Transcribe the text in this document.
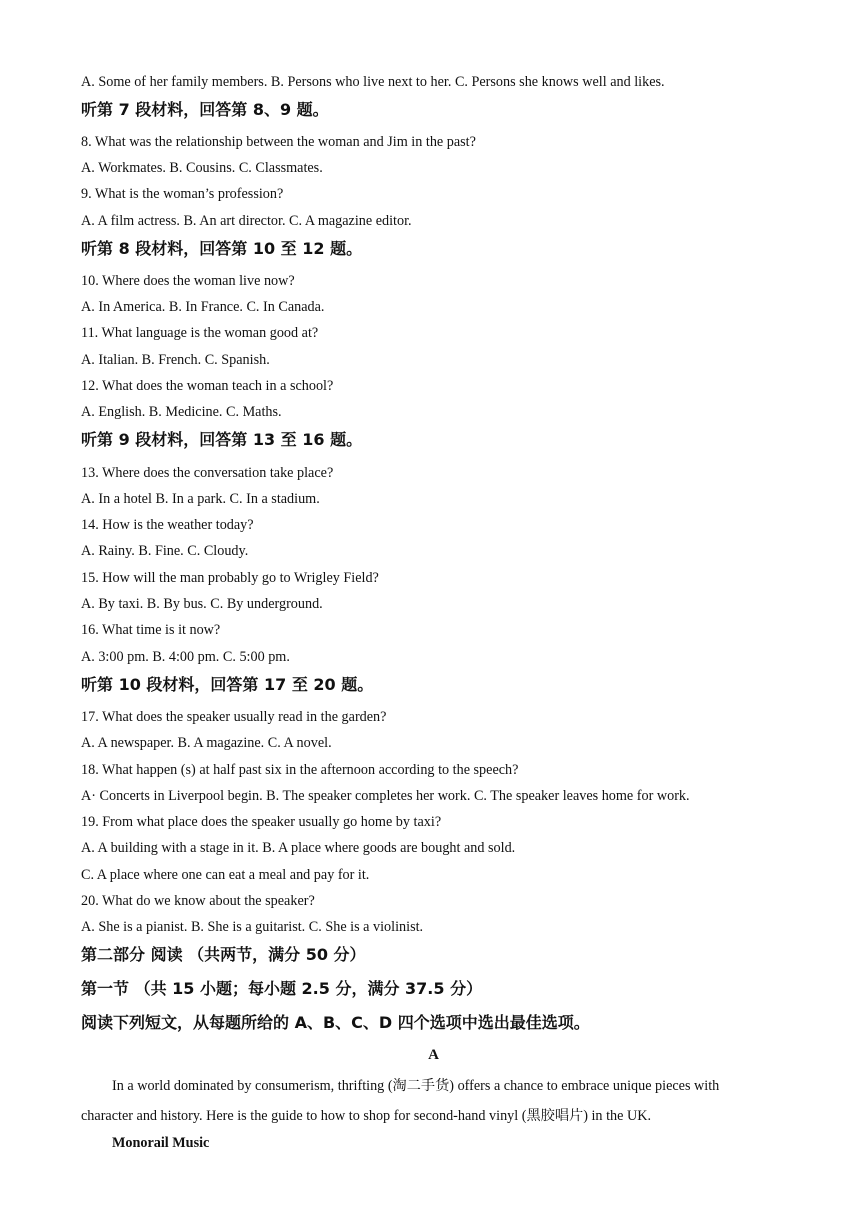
A. Some of her family members. B. Persons who live next to her. C. Persons she knows well and likes.
听第 7 段材料，回答第 8、9 题。
8. What was the relationship between the woman and Jim in the past?
A. Workmates. B. Cousins. C. Classmates.
9. What is the woman’s profession?
A. A film actress. B. An art director. C. A magazine editor.
听第 8 段材料，回答第 10 至 12 题。
10. Where does the woman live now?
A. In America. B. In France. C. In Canada.
11. What language is the woman good at?
A. Italian. B. French. C. Spanish.
12. What does the woman teach in a school?
A. English. B. Medicine. C. Maths.
听第 9 段材料，回答第 13 至 16 题。
13. Where does the conversation take place?
A. In a hotel B. In a park. C. In a stadium.
14. How is the weather today?
A. Rainy. B. Fine. C. Cloudy.
15. How will the man probably go to Wrigley Field?
A. By taxi. B. By bus. C. By underground.
16. What time is it now?
A. 3:00 pm. B. 4:00 pm. C. 5:00 pm.
听第 10 段材料，回答第 17 至 20 题。
17. What does the speaker usually read in the garden?
A. A newspaper. B. A magazine. C. A novel.
18. What happen (s) at half past six in the afternoon according to the speech?
A· Concerts in Liverpool begin. B. The speaker completes her work. C. The speaker leaves home for work.
19. From what place does the speaker usually go home by taxi?
A. A building with a stage in it. B. A place where goods are bought and sold.
C. A place where one can eat a meal and pay for it.
20. What do we know about the speaker?
A. She is a pianist. B. She is a guitarist. C. She is a violinist.
第二部分 阅读 （共两节，满分 50 分）
第一节 （共 15 小题；每小题 2.5 分，满分 37.5 分）
阅读下列短文，从每题所给的 A、B、C、D 四个选项中选出最佳选项。
A
In a world dominated by consumerism, thrifting (淘二手货) offers a chance to embrace unique pieces with
character and history. Here is the guide to how to shop for second-hand vinyl (黑胶唱片) in the UK.
Monorail Music
